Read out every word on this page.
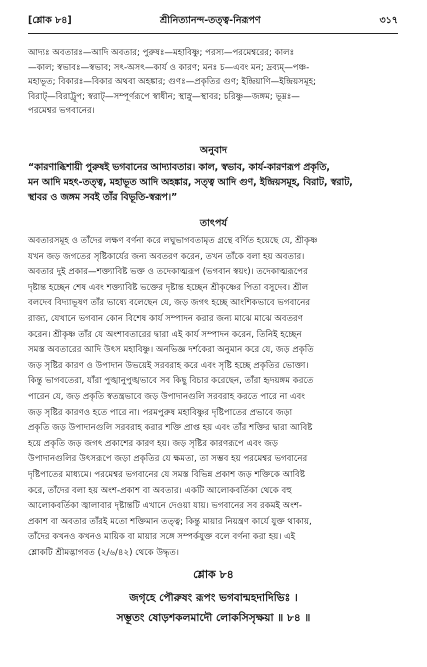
[শ্লোক ৮৪]	শ্রীনিত্যানন্দ-তত্ত্ব-নিরূপণ	৩১৭

আদ্যঃ অবতারঃ—আদি অবতার; পুরুষঃ—মহাবিষ্ণু; পরস্য—পরমেশ্বরের; কালঃ

—কাল; স্বভাবঃ—স্বভাব; সৎ-অসৎ—কার্য ও কারণ; মনঃ চ—এবং মন; দ্রব্যম্—পঞ্চ-

মহাভূত; বিকারঃ—বিকার অথবা অহঙ্কার; গুণঃ—প্রকৃতির গুণ; ইন্দ্রিয়াণি—ইন্দ্রিয়সমূহ;

বিরাট্—বিরাট্রূপ; স্বরাট্—সম্পূর্ণরূপে স্বাধীন; স্থাস্নু—স্থাবর; চরিষ্ণু—জঙ্গম; ভূম্নঃ—

পরমেশ্বর ভগবানের।

অনুবাদ

“কারণাব্ধিশায়ী পুরুষই ভগবানের আদ্যাবতার। কাল, স্বভাব, কার্য-কারণরূপ প্রকৃতি,

মন আদি মহৎ-তত্ত্ব, মহাভূত আদি অহঙ্কার, সত্ত্ব আদি গুণ, ইন্দ্রিয়সমূহ, বিরাট, স্বরাট,

স্থাবর ও জঙ্গম সবই তাঁর বিভূতি-স্বরূপ।”

তাৎপর্য

অবতারসমূহ ও তাঁদের লক্ষণ বর্ণনা করে লঘুভাগবতামৃত গ্রন্থে বর্ণিত হয়েছে যে, শ্রীকৃষ্ণ

যখন জড় জগতের সৃষ্টিকার্যের জন্য অবতরণ করেন, তখন তাঁকে বলা হয় অবতার।

অবতার দুই প্রকার—শক্ত্যাবিষ্ট ভক্ত ও তদেকাত্মরূপ (ভগবান স্বয়ং)। তদেকাত্মরূপের

দৃষ্টান্ত হচ্ছেন শেষ এবং শক্ত্যাবিষ্ট ভক্তের দৃষ্টান্ত হচ্ছেন শ্রীকৃষ্ণের পিতা বসুদেব। শ্রীল

বলদেব বিদ্যাভূষণ তাঁর ভাষ্যে বলেছেন যে, জড় জগৎ হচ্ছে আংশিকভাবে ভগবানের

রাজ্য, যেখানে ভগবান কোন বিশেষ কার্য সম্পাদন করার জন্য মাঝে মাঝে অবতরণ

করেন। শ্রীকৃষ্ণ তাঁর যে অংশাবতারের দ্বারা এই কার্য সম্পাদন করেন, তিনিই হচ্ছেন

সমস্ত অবতারের আদি উৎস মহাবিষ্ণু। অনভিজ্ঞ দর্শকেরা অনুমান করে যে, জড় প্রকৃতি

জড় সৃষ্টির কারণ ও উপাদান উভয়েই সরবরাহ করে এবং সৃষ্টি হচ্ছে প্রকৃতির ভোক্তা।

কিন্তু ভাগবতেরা, যাঁরা পুঙ্খানুপুঙ্খভাবে সব কিছু বিচার করেছেন, তাঁরা হৃদয়ঙ্গম করতে

পারেন যে, জড় প্রকৃতি স্বতন্ত্রভাবে জড় উপাদানগুলি সরবরাহ করতে পারে না এবং

জড় সৃষ্টির কারণও হতে পারে না। পরমপুরুষ মহাবিষ্ণুর দৃষ্টিপাতের প্রভাবে জড়া

প্রকৃতি জড় উপাদানগুলি সরবরাহ করার শক্তি প্রাপ্ত হয় এবং তাঁর শক্তির দ্বারা আবিষ্ট

হয়ে প্রকৃতি জড় জগৎ প্রকাশের কারণ হয়। জড় সৃষ্টির কারণরূপে এবং জড়

উপাদানগুলির উৎসরূপে জড়া প্রকৃতির যে ক্ষমতা, তা সম্ভব হয় পরমেশ্বর ভগবানের

দৃষ্টিপাতের মাধ্যমে। পরমেশ্বর ভগবানের যে সমস্ত বিভিন্ন প্রকাশ জড় শক্তিকে আবিষ্ট

করে, তাঁদের বলা হয় অংশ-প্রকাশ বা অবতার। একটি আলোকবর্তিকা থেকে বহু

আলোকবর্তিকা জ্বালাবার দৃষ্টান্তটি এখানে দেওয়া যায়। ভগবানের সব রকমই অংশ-

প্রকাশ বা অবতার তাঁরই মতো শক্তিমান তত্ত্ব; কিন্তু মায়ার নিয়ন্ত্রণ কার্যে যুক্ত থাকায়,

তাঁদের কখনও কখনও মায়িক বা মায়ার সঙ্গে সম্পর্কযুক্ত বলে বর্ণনা করা হয়। এই

শ্লোকটি শ্রীমদ্ভাগবত (২/৬/৪২) থেকে উদ্ধৃত।

শ্লোক ৮৪

জগৃহে পৌরুষং রূপং ভগবান্মহদাদিভিঃ ।

সম্ভূতং ষোড়শকলমাদৌ লোকসিসৃক্ষয়া ॥ ৮৪ ॥
